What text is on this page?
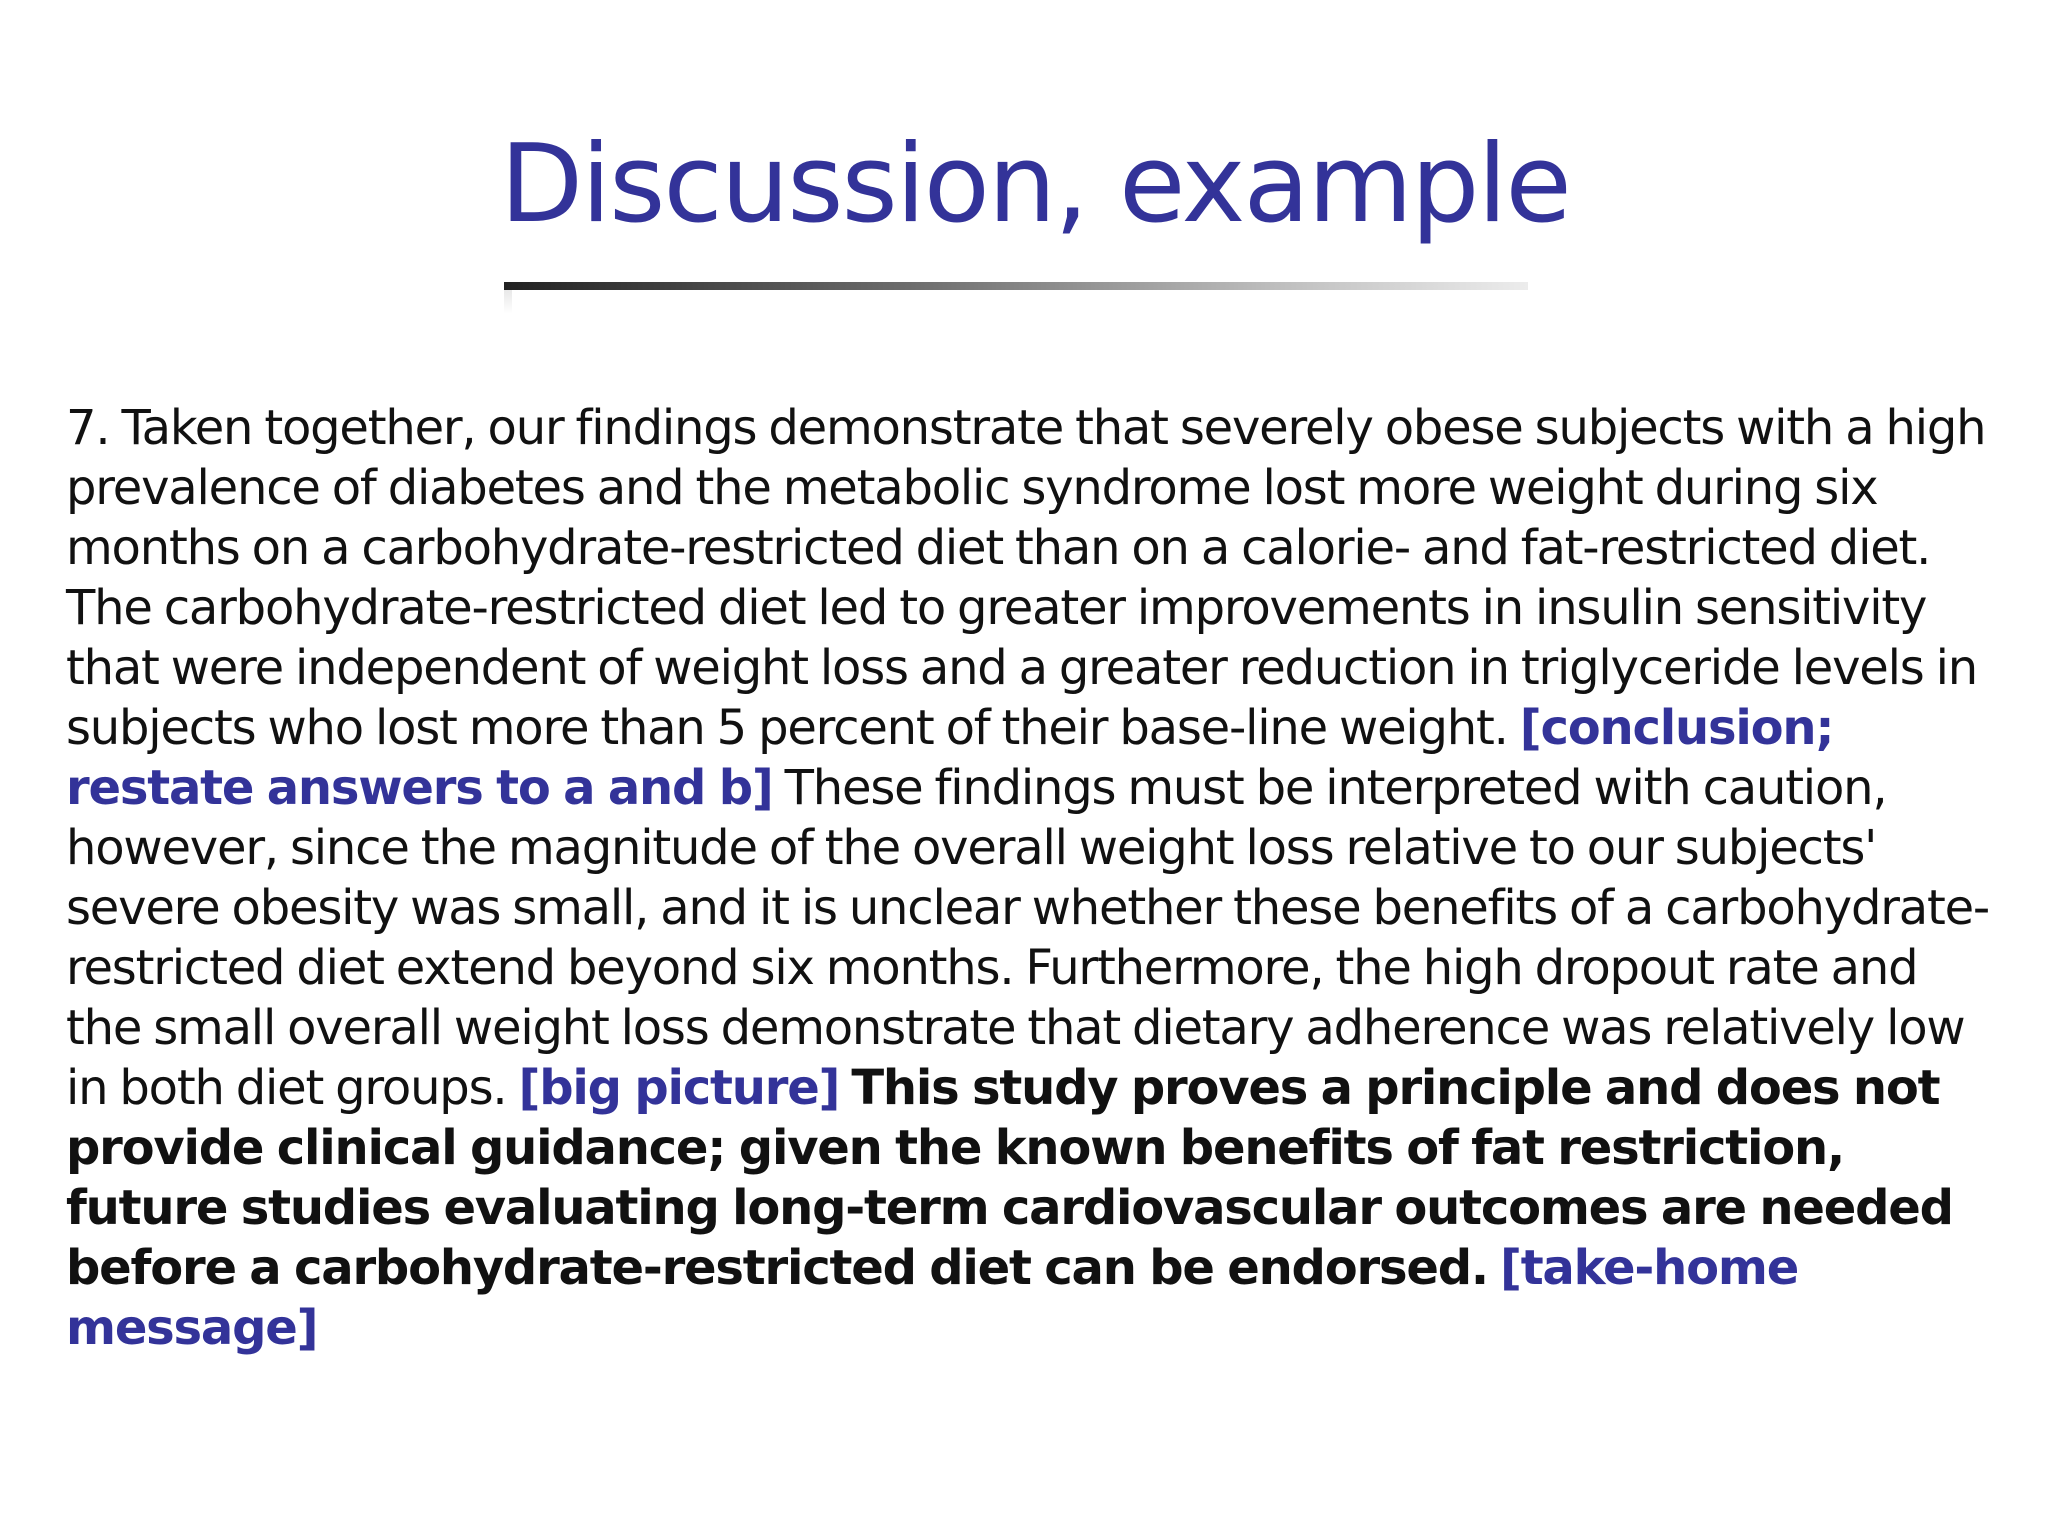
Discussion, example
7. Taken together, our findings demonstrate that severely obese subjects with a high prevalence of diabetes and the metabolic syndrome lost more weight during six months on a carbohydrate-restricted diet than on a calorie- and fat-restricted diet. The carbohydrate-restricted diet led to greater improvements in insulin sensitivity that were independent of weight loss and a greater reduction in triglyceride levels in subjects who lost more than 5 percent of their base-line weight. [conclusion; restate answers to a and b] These findings must be interpreted with caution, however, since the magnitude of the overall weight loss relative to our subjects' severe obesity was small, and it is unclear whether these benefits of a carbohydrate-restricted diet extend beyond six months. Furthermore, the high dropout rate and the small overall weight loss demonstrate that dietary adherence was relatively low in both diet groups. [big picture] This study proves a principle and does not provide clinical guidance; given the known benefits of fat restriction, future studies evaluating long-term cardiovascular outcomes are needed before a carbohydrate-restricted diet can be endorsed. [take-home message]
